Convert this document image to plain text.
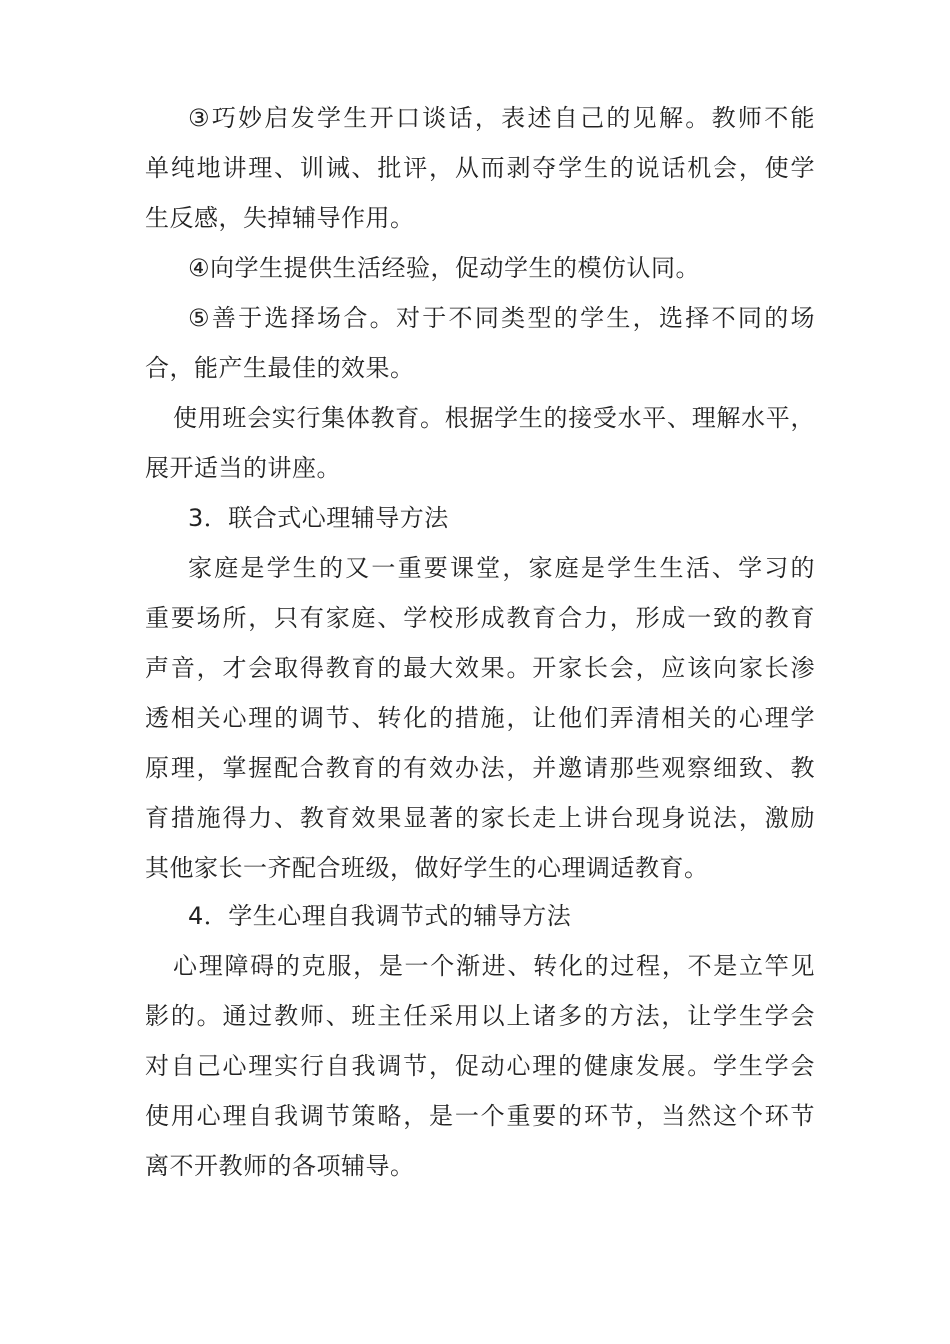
③巧妙启发学生开口谈话，表述自己的见解。教师不能
单纯地讲理、训诫、批评，从而剥夺学生的说话机会，使学
生反感，失掉辅导作用。
④向学生提供生活经验，促动学生的模仿认同。
⑤善于选择场合。对于不同类型的学生，选择不同的场
合，能产生最佳的效果。
使用班会实行集体教育。根据学生的接受水平、理解水平，
展开适当的讲座。
3．联合式心理辅导方法
家庭是学生的又一重要课堂，家庭是学生生活、学习的
重要场所，只有家庭、学校形成教育合力，形成一致的教育
声音，才会取得教育的最大效果。开家长会，应该向家长渗
透相关心理的调节、转化的措施，让他们弄清相关的心理学
原理，掌握配合教育的有效办法，并邀请那些观察细致、教
育措施得力、教育效果显著的家长走上讲台现身说法，激励
其他家长一齐配合班级，做好学生的心理调适教育。
4．学生心理自我调节式的辅导方法
心理障碍的克服，是一个渐进、转化的过程，不是立竿见
影的。通过教师、班主任采用以上诸多的方法，让学生学会
对自己心理实行自我调节，促动心理的健康发展。学生学会
使用心理自我调节策略，是一个重要的环节，当然这个环节
离不开教师的各项辅导。
